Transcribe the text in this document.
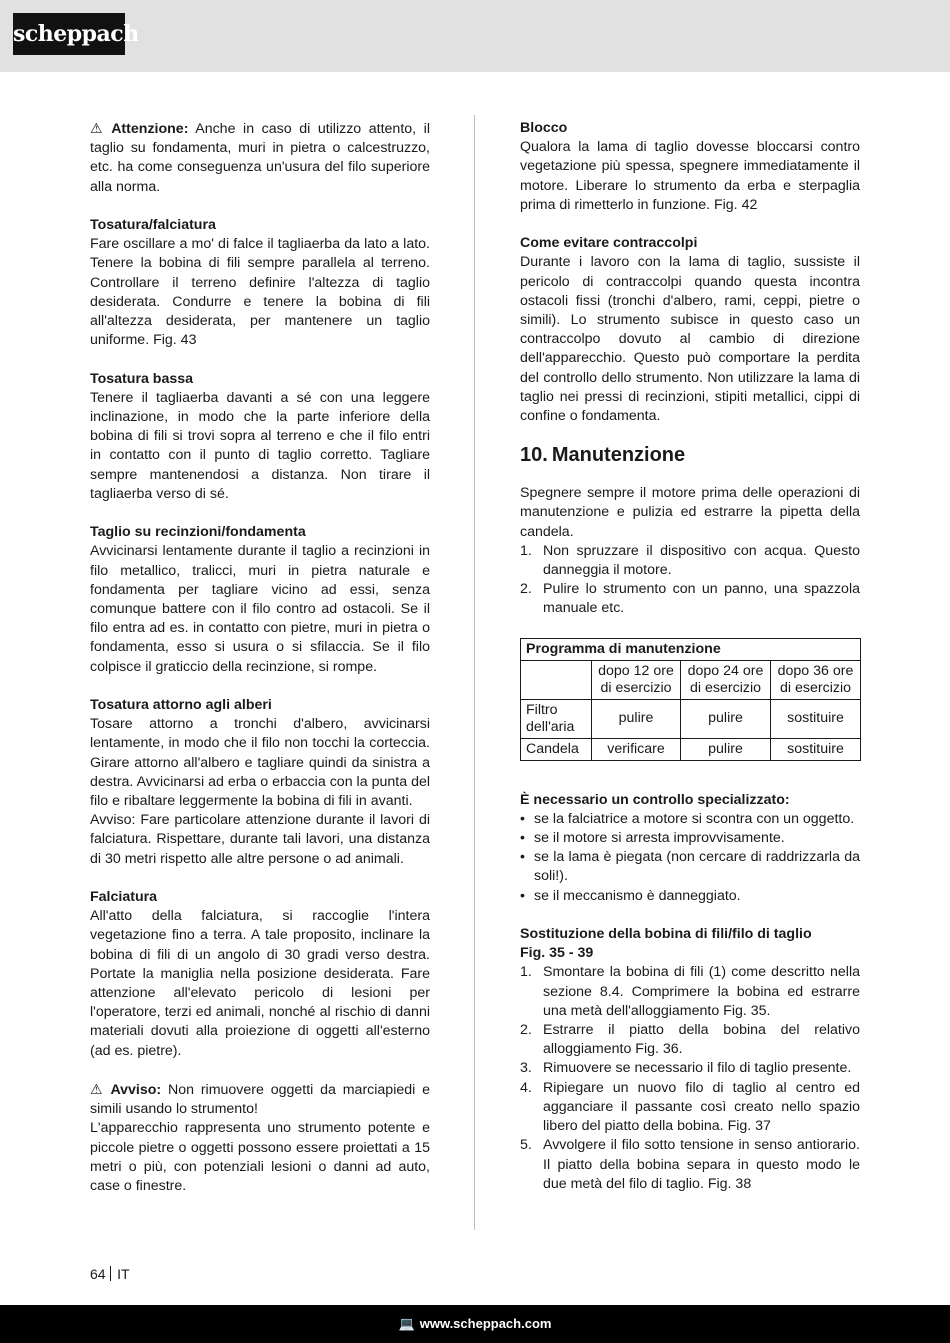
scheppach

⚠ Attenzione: Anche in caso di utilizzo attento, il taglio su fondamenta, muri in pietra o calcestruzzo, etc. ha come conseguenza un'usura del filo superiore alla norma.

Tosatura/falciatura

Fare oscillare a mo' di falce il tagliaerba da lato a lato. Tenere la bobina di fili sempre parallela al terreno. Controllare il terreno definire l'altezza di taglio desiderata. Condurre e tenere la bobina di fili all'altezza desiderata, per mantenere un taglio uniforme. Fig. 43

Tosatura bassa

Tenere il tagliaerba davanti a sé con una leggere inclinazione, in modo che la parte inferiore della bobina di fili si trovi sopra al terreno e che il filo entri in contatto con il punto di taglio corretto. Tagliare sempre mantenendosi a distanza. Non tirare il tagliaerba verso di sé.

Taglio su recinzioni/fondamenta

Avvicinarsi lentamente durante il taglio a recinzioni in filo metallico, tralicci, muri in pietra naturale e fondamenta per tagliare vicino ad essi, senza comunque battere con il filo contro ad ostacoli. Se il filo entra ad es. in contatto con pietre, muri in pietra o fondamenta, esso si usura o si sfilaccia. Se il filo colpisce il graticcio della recinzione, si rompe.

Tosatura attorno agli alberi

Tosare attorno a tronchi d'albero, avvicinarsi lentamente, in modo che il filo non tocchi la corteccia. Girare attorno all'albero e tagliare quindi da sinistra a destra. Avvicinarsi ad erba o erbaccia con la punta del filo e ribaltare leggermente la bobina di fili in avanti.

Avviso: Fare particolare attenzione durante il lavori di falciatura. Rispettare, durante tali lavori, una distanza di 30 metri rispetto alle altre persone o ad animali.

Falciatura

All'atto della falciatura, si raccoglie l'intera vegetazione fino a terra. A tale proposito, inclinare la bobina di fili di un angolo di 30 gradi verso destra. Portate la maniglia nella posizione desiderata. Fare attenzione all'elevato pericolo di lesioni per l'operatore, terzi ed animali, nonché al rischio di danni materiali dovuti alla proiezione di oggetti all'esterno (ad es. pietre).

⚠ Avviso: Non rimuovere oggetti da marciapiedi e simili usando lo strumento!

L'apparecchio rappresenta uno strumento potente e piccole pietre o oggetti possono essere proiettati a 15 metri o più, con potenziali lesioni o danni ad auto, case o finestre.

Blocco

Qualora la lama di taglio dovesse bloccarsi contro vegetazione più spessa, spegnere immediatamente il motore. Liberare lo strumento da erba e sterpaglia prima di rimetterlo in funzione. Fig. 42

Come evitare contraccolpi

Durante i lavoro con la lama di taglio, sussiste il pericolo di contraccolpi quando questa incontra ostacoli fissi (tronchi d'albero, rami, ceppi, pietre o simili). Lo strumento subisce in questo caso un contraccolpo dovuto al cambio di direzione dell'apparecchio. Questo può comportare la perdita del controllo dello strumento. Non utilizzare la lama di taglio nei pressi di recinzioni, stipiti metallici, cippi di confine o fondamenta.

10. Manutenzione

Spegnere sempre il motore prima delle operazioni di manutenzione e pulizia ed estrarre la pipetta della candela.

1. Non spruzzare il dispositivo con acqua. Questo danneggia il motore.
2. Pulire lo strumento con un panno, una spazzola manuale etc.
Programma di manutenzione			
	dopo 12 ore di esercizio	dopo 24 ore di esercizio	dopo 36 ore di esercizio
Filtro dell'aria	pulire	pulire	sostituire
Candela	verificare	pulire	sostituire
È necessario un controllo specializzato:
• se la falciatrice a motore si scontra con un oggetto.
• se il motore si arresta improvvisamente.
• se la lama è piegata (non cercare di raddrizzarla da soli!).
• se il meccanismo è danneggiato.
Sostituzione della bobina di fili/filo di taglio
Fig. 35 - 39
1. Smontare la bobina di fili (1) come descritto nella sezione 8.4. Comprimere la bobina ed estrarre una metà dell'alloggiamento Fig. 35.
2. Estrarre il piatto della bobina del relativo alloggiamento Fig. 36.
3. Rimuovere se necessario il filo di taglio presente.
4. Ripiegare un nuovo filo di taglio al centro ed agganciare il passante così creato nello spazio libero del piatto della bobina. Fig. 37
5. Avvolgere il filo sotto tensione in senso antiorario. Il piatto della bobina separa in questo modo le due metà del filo di taglio. Fig. 38
64 IT
💻 www.scheppach.com
